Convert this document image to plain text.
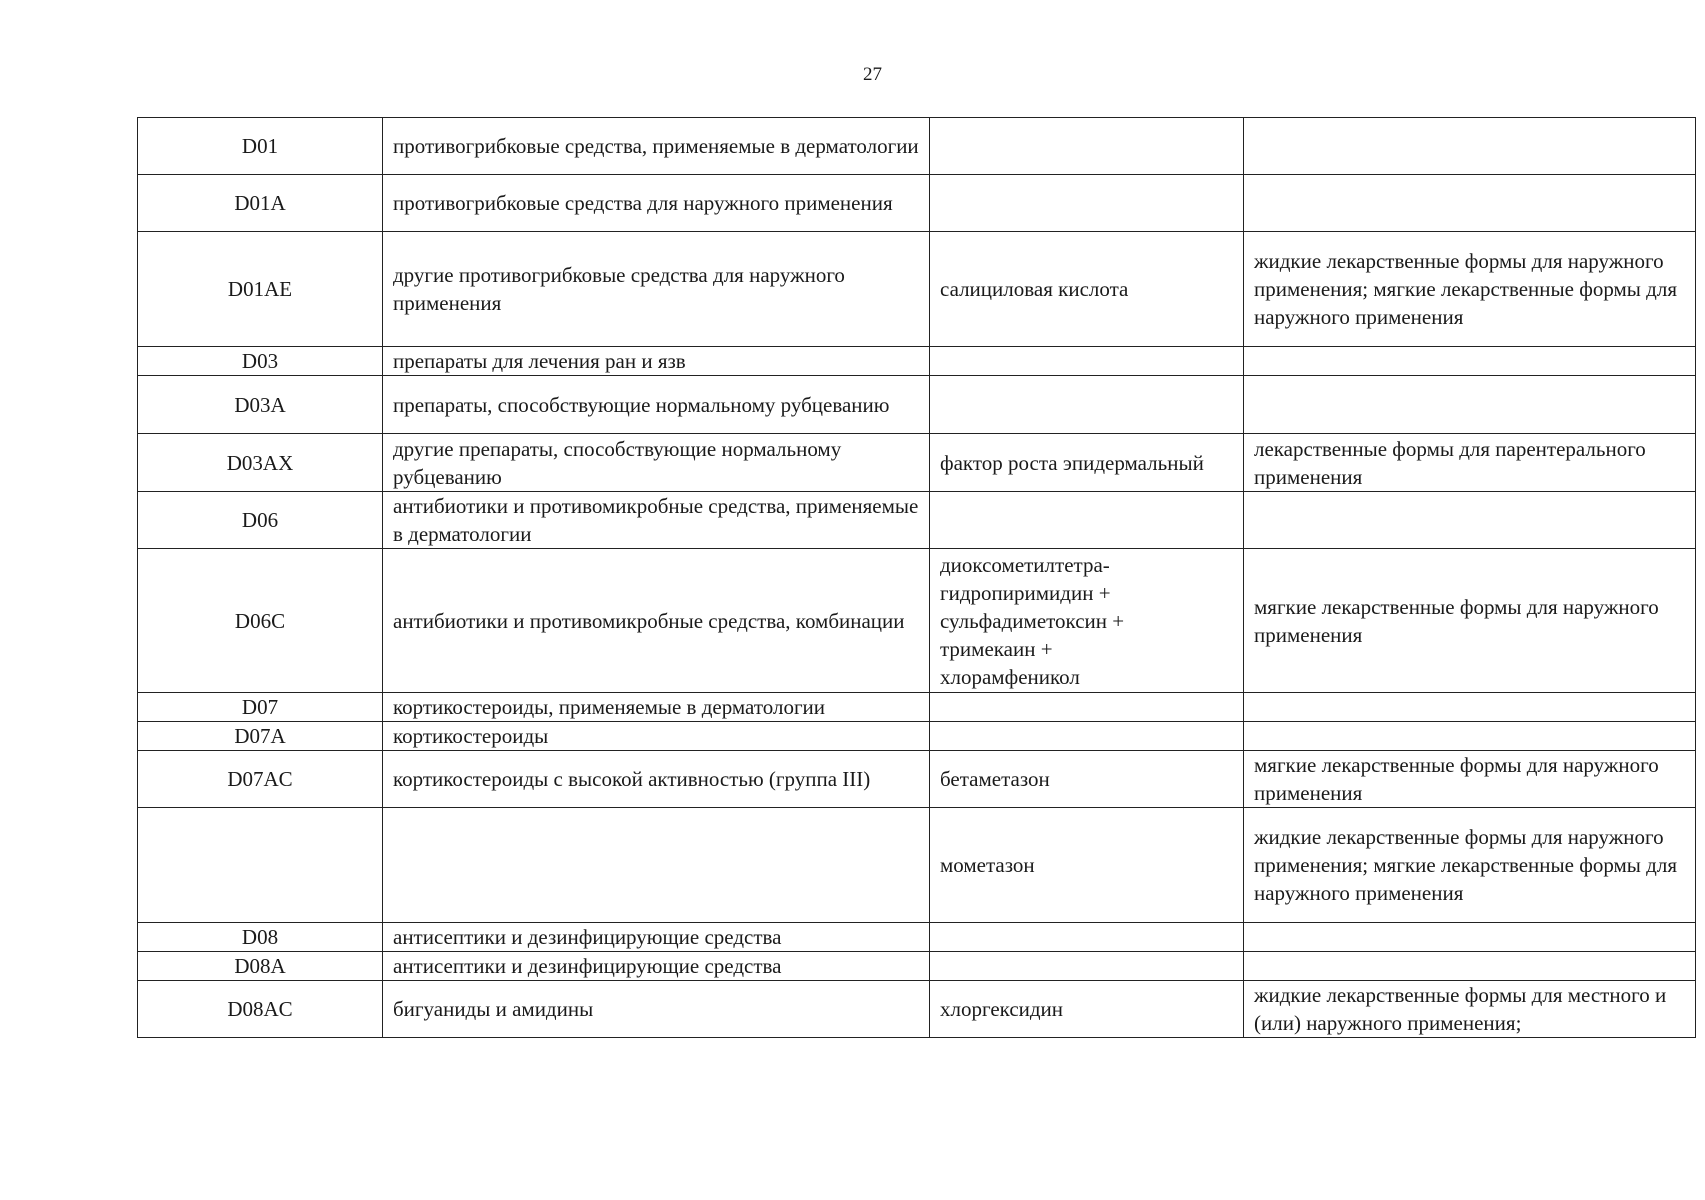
27
D01	противогрибковые средства, применяемые в дерматологии		
D01A	противогрибковые средства для наружного применения		
D01AE	другие противогрибковые средства для наружного применения	салициловая кислота	жидкие лекарственные формы для наружного применения; мягкие лекарственные формы для наружного применения
D03	препараты для лечения ран и язв		
D03A	препараты, способствующие нормальному рубцеванию		
D03AX	другие препараты, способствующие нормальному рубцеванию	фактор роста эпидермальный	лекарственные формы для парентерального применения
D06	антибиотики и противомикробные средства, применяемые в дерматологии		
D06C	антибиотики и противомикробные средства, комбинации	диоксометилтетра-
гидропиримидин +
сульфадиметоксин +
тримекаин +
хлорамфеникол	мягкие лекарственные формы для наружного применения
D07	кортикостероиды, применяемые в дерматологии		
D07A	кортикостероиды		
D07AC	кортикостероиды с высокой активностью (группа III)	бетаметазон	мягкие лекарственные формы для наружного применения
		мометазон	жидкие лекарственные формы для наружного применения; мягкие лекарственные формы для наружного применения
D08	антисептики и дезинфицирующие средства		
D08A	антисептики и дезинфицирующие средства		
D08AC	бигуаниды и амидины	хлоргексидин	жидкие лекарственные формы для местного и (или) наружного применения;
